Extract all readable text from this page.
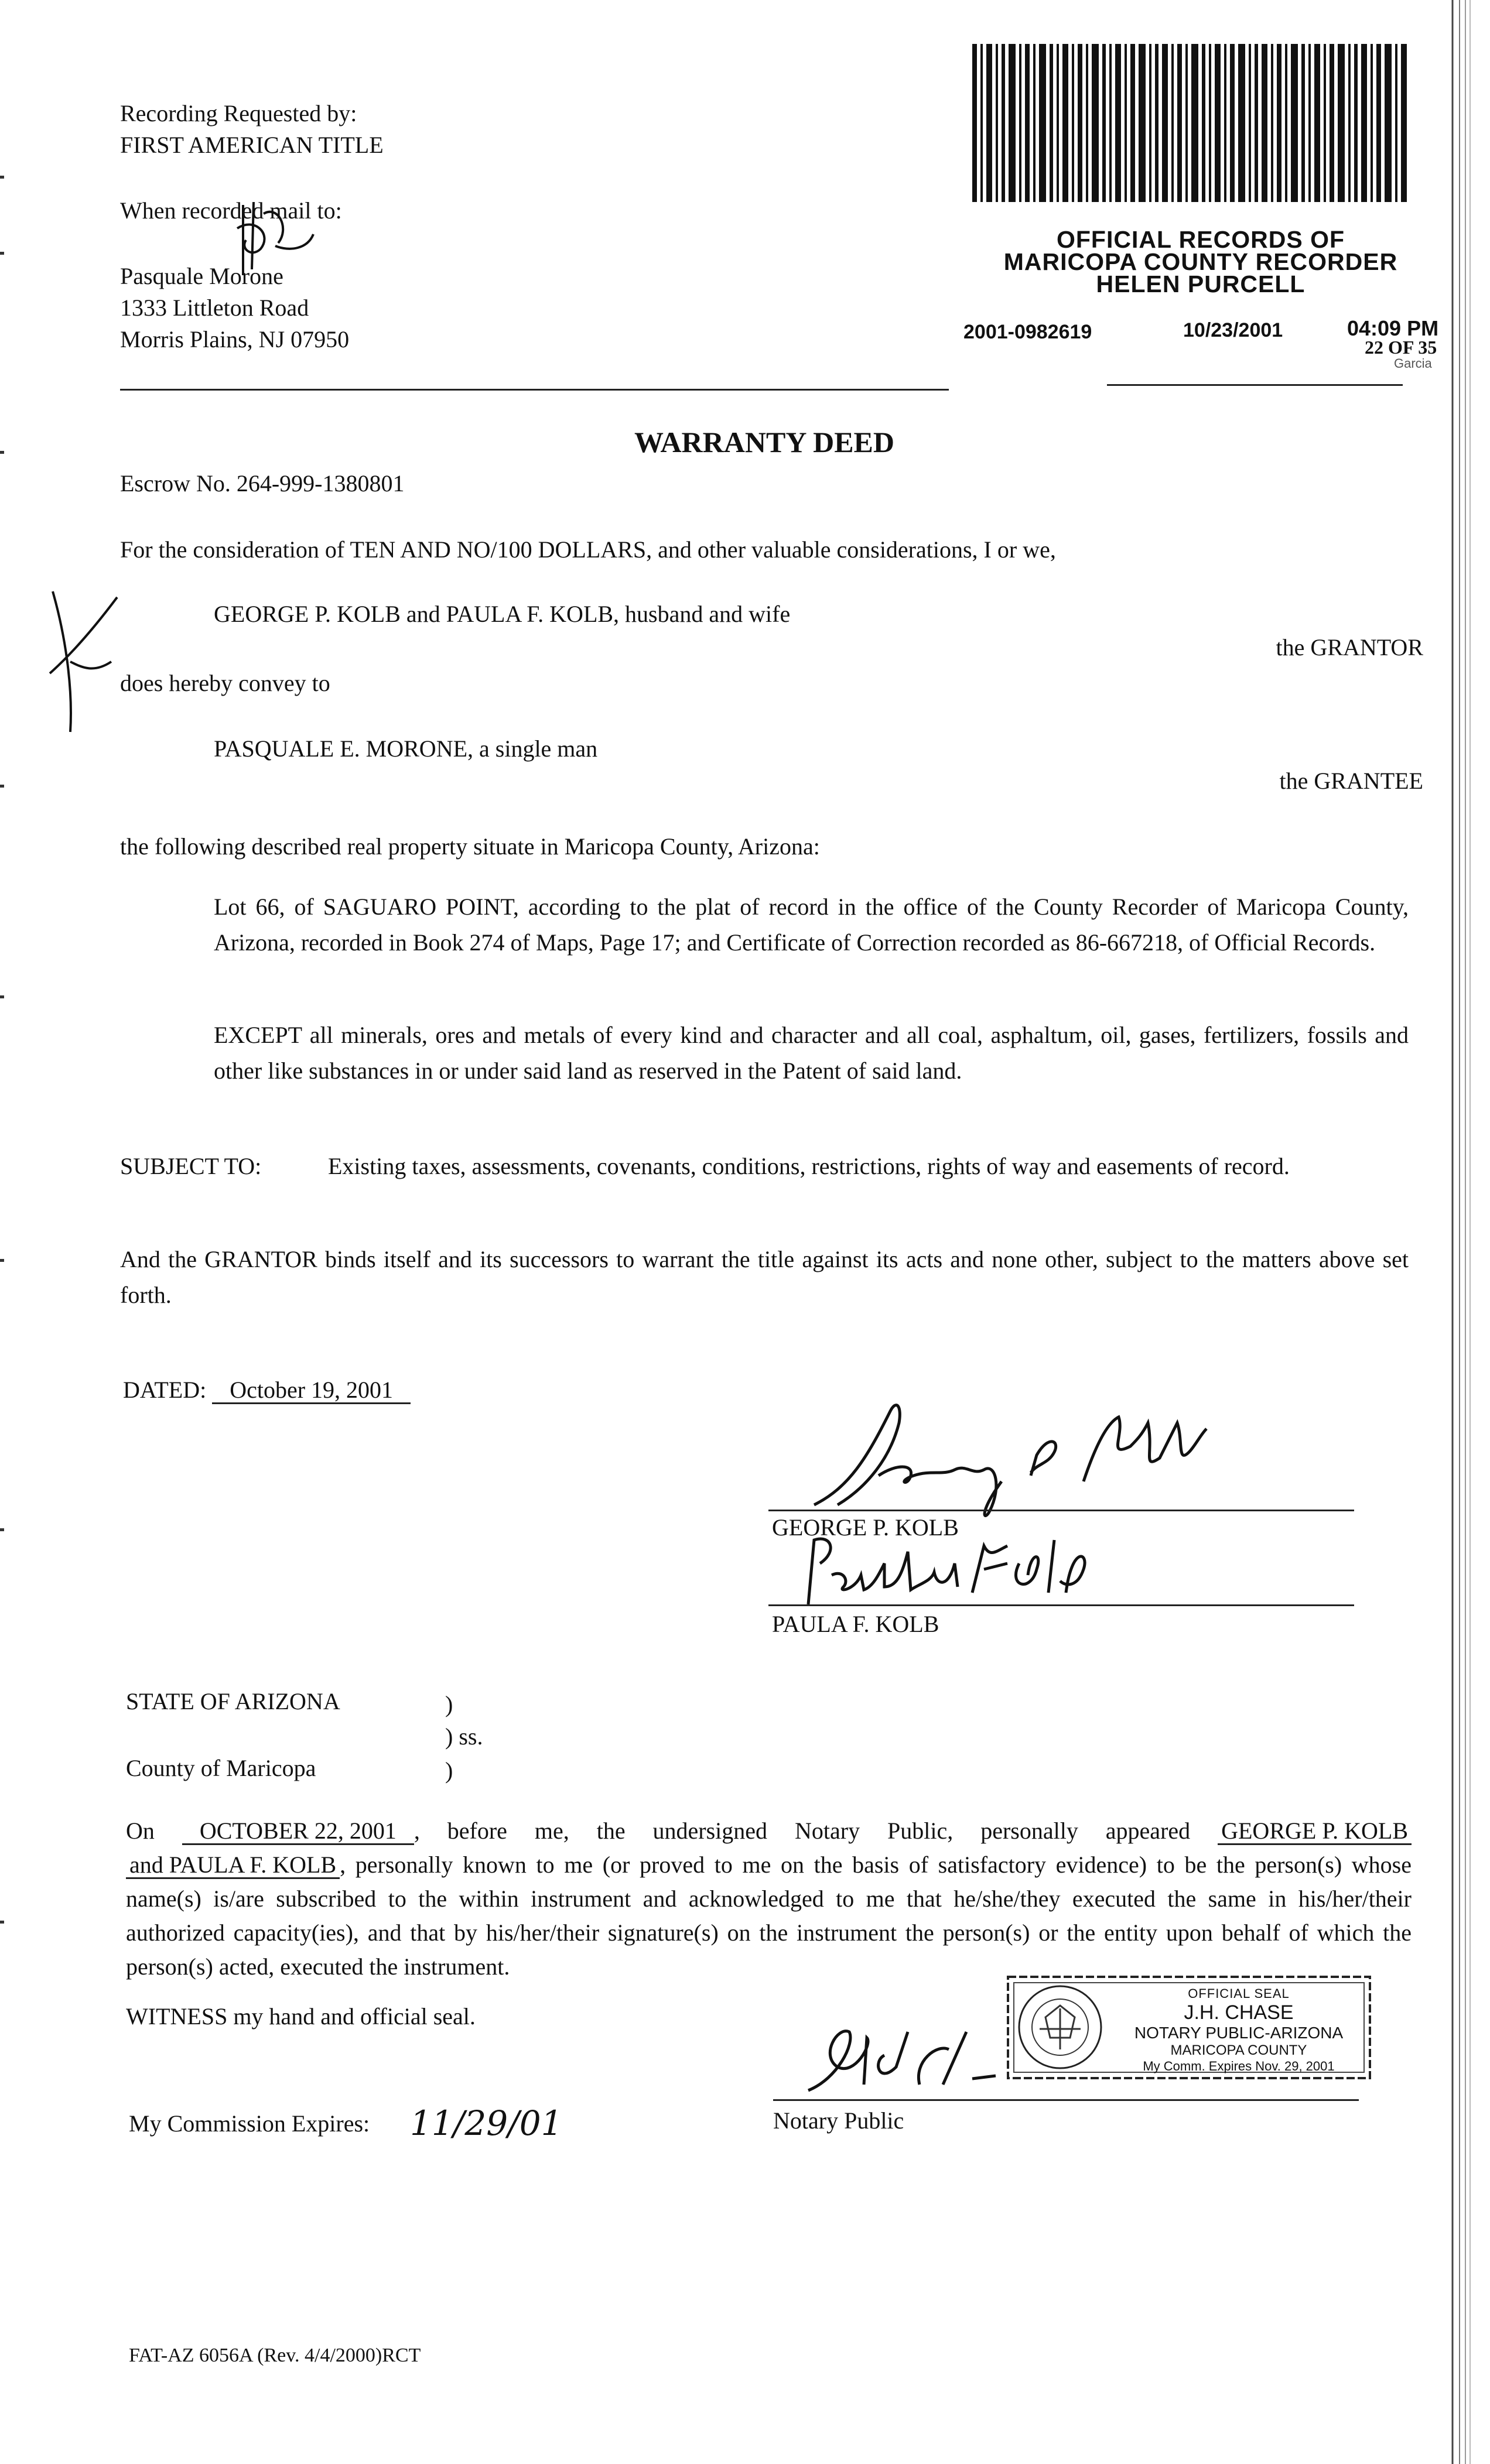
Recording Requested by:
FIRST AMERICAN TITLE
When recorded mail to:
Pasquale Morone
1333 Littleton Road
Morris Plains, NJ 07950
OFFICIAL RECORDS OF
MARICOPA COUNTY RECORDER
HELEN PURCELL
2001-0982619	10/23/2001	04:09 PM
22 OF 35
Garcia
WARRANTY DEED
Escrow No. 264-999-1380801
For the consideration of TEN AND NO/100 DOLLARS, and other valuable considerations, I or we,
GEORGE P. KOLB and PAULA F. KOLB, husband and wife
the GRANTOR
does hereby convey to
PASQUALE E. MORONE, a single man
the GRANTEE
the following described real property situate in Maricopa County, Arizona:

Lot 66, of SAGUARO POINT, according to the plat of record in the office of the County Recorder of Maricopa County, Arizona, recorded in Book 274 of Maps, Page 17; and Certificate of Correction recorded as 86-667218, of Official Records.

EXCEPT all minerals, ores and metals of every kind and character and all coal, asphaltum, oil, gases, fertilizers, fossils and other like substances in or under said land as reserved in the Patent of said land.

SUBJECT TO:	Existing taxes, assessments, covenants, conditions, restrictions, rights of way and easements of record.

And the GRANTOR binds itself and its successors to warrant the title against its acts and none other, subject to the matters above set forth.

DATED: October 19, 2001
GEORGE P. KOLB
PAULA F. KOLB
STATE OF ARIZONA	)
) ss.
County of Maricopa	)

On OCTOBER 22, 2001 , before me, the undersigned Notary Public, personally appeared GEORGE P. KOLB and PAULA F. KOLB , personally known to me (or proved to me on the basis of satisfactory evidence) to be the person(s) whose name(s) is/are subscribed to the within instrument and acknowledged to me that he/she/they executed the same in his/her/their authorized capacity(ies), and that by his/her/their signature(s) on the instrument the person(s) or the entity upon behalf of which the person(s) acted, executed the instrument.

WITNESS my hand and official seal.
OFFICIAL SEAL
J.H. CHASE
NOTARY PUBLIC-ARIZONA
MARICOPA COUNTY
My Comm. Expires Nov. 29, 2001
Notary Public
My Commission Expires: 11/29/01
FAT-AZ 6056A (Rev. 4/4/2000)RCT
